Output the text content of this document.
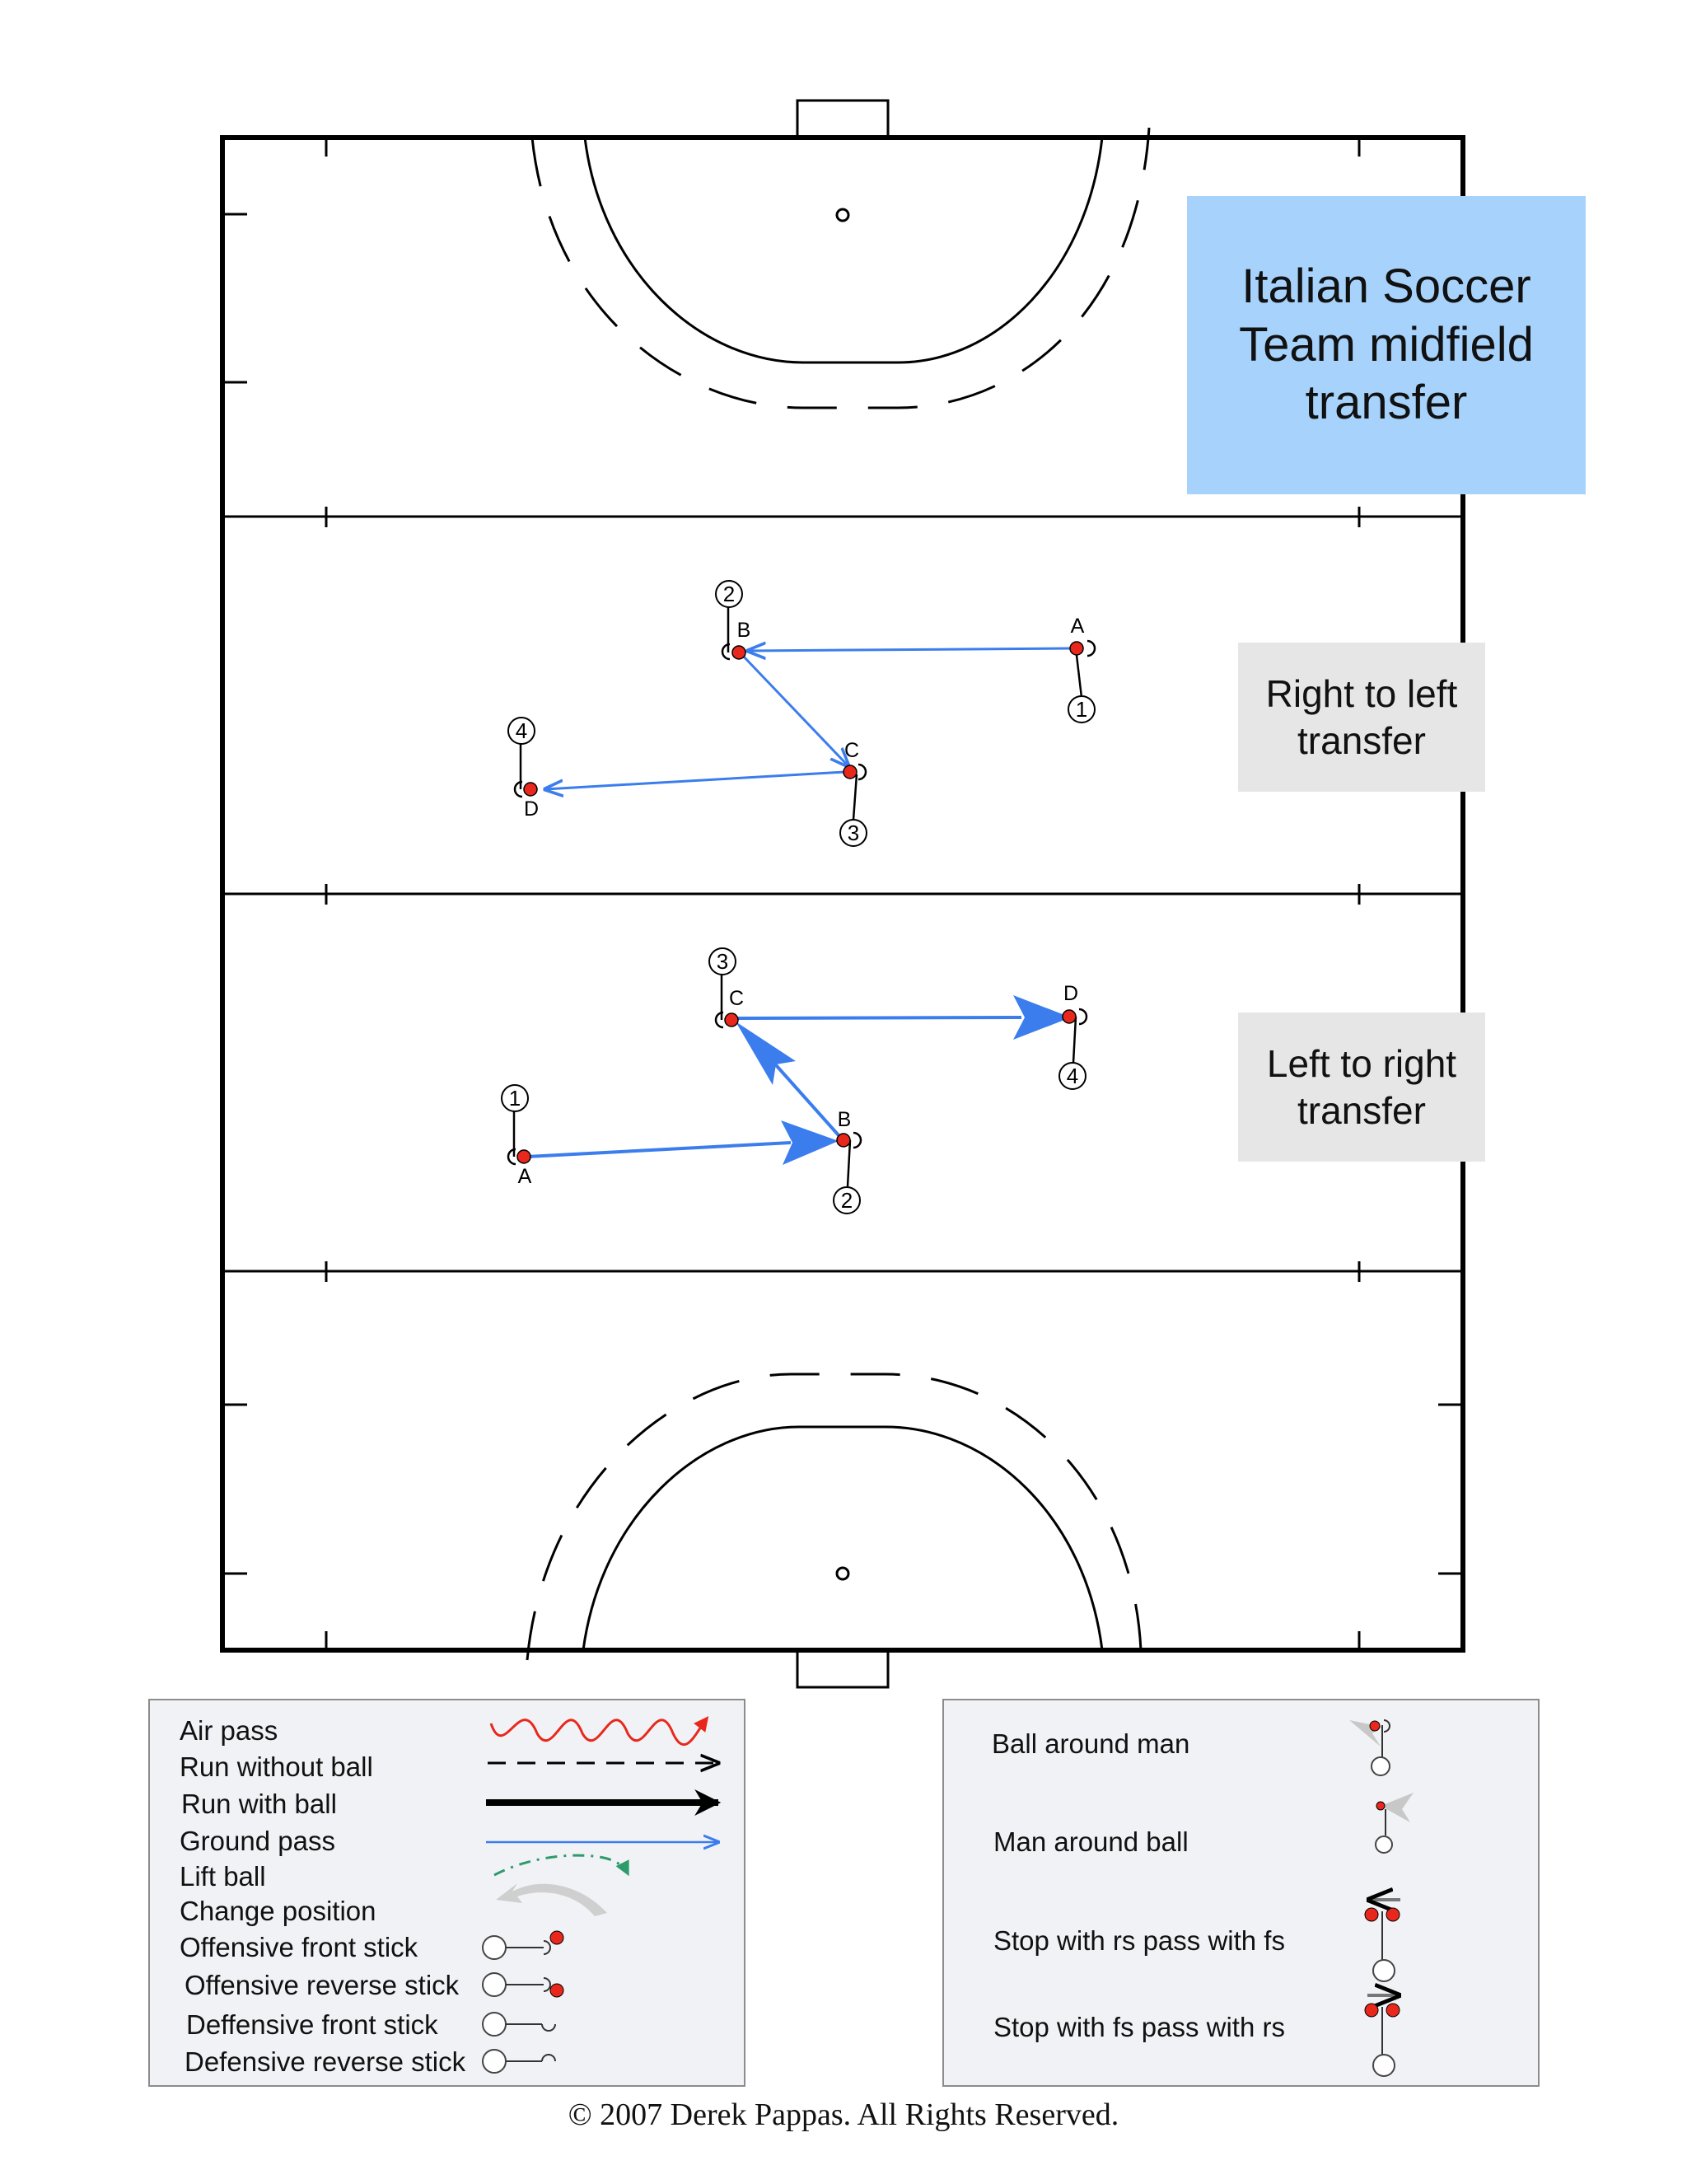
A
1
B
2
C
3
D
4
A
1
B
2
C
3
D
4
Italian Soccer
Team midfield
transfer
Right to left
transfer
Left to right
transfer
Air pass
Run without ball
Run with ball
Ground pass
Lift ball
Change position
Offensive front stick
Offensive reverse stick
Deffensive front stick
Defensive reverse stick
Ball around man
Man around ball
Stop with rs pass with fs
Stop with fs pass with rs
© 2007 Derek Pappas. All Rights Reserved.
